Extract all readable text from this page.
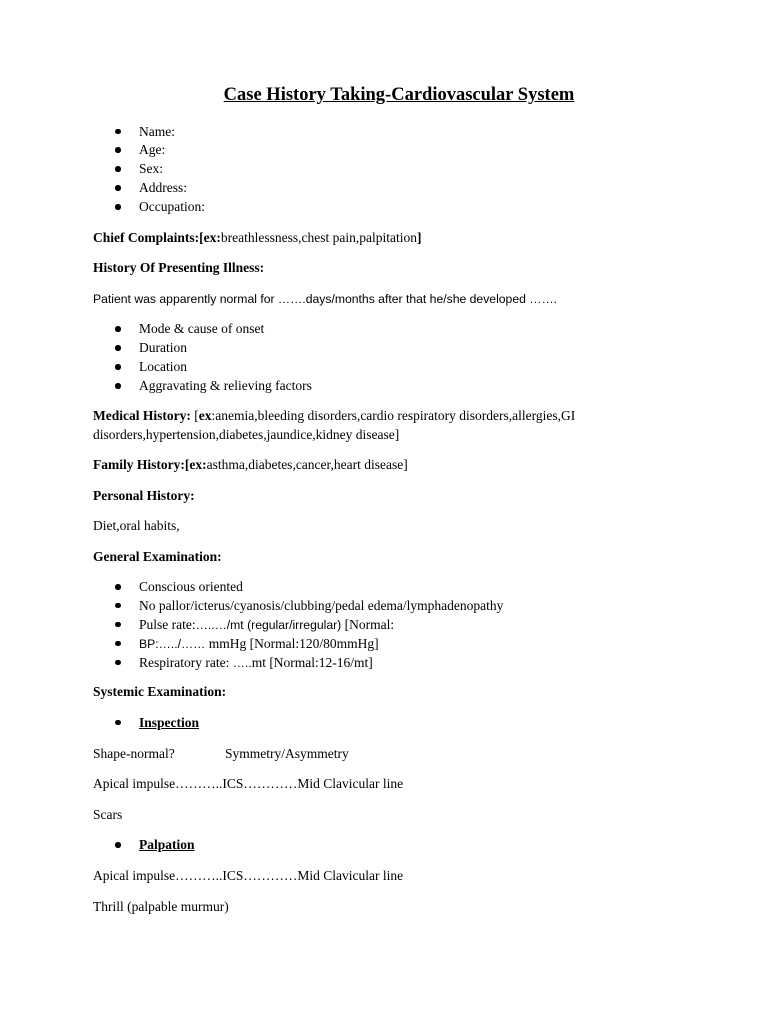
Case History Taking-Cardiovascular System
Name:
Age:
Sex:
Address:
Occupation:

Chief Complaints:[ex:breathlessness,chest pain,palpitation]

History Of Presenting Illness:

Patient was apparently normal for …….days/months after that he/she developed …….

Mode & cause of onset
Duration
Location
Aggravating & relieving factors

Medical History: [ex:anemia,bleeding disorders,cardio respiratory disorders,allergies,GI disorders,hypertension,diabetes,jaundice,kidney disease]

Family History:[ex:asthma,diabetes,cancer,heart disease]

Personal History:

Diet,oral habits,

General Examination:

Conscious oriented
No pallor/icterus/cyanosis/clubbing/pedal edema/lymphadenopathy
Pulse rate:…..…/mt (regular/irregular) [Normal:
BP:…../…… mmHg [Normal:120/80mmHg]
Respiratory rate: …..mt [Normal:12-16/mt]

Systemic Examination:

Inspection

Shape-normal?	Symmetry/Asymmetry

Apical impulse………..ICS…………Mid Clavicular line

Scars

Palpation

Apical impulse………..ICS…………Mid Clavicular line

Thrill (palpable murmur)
